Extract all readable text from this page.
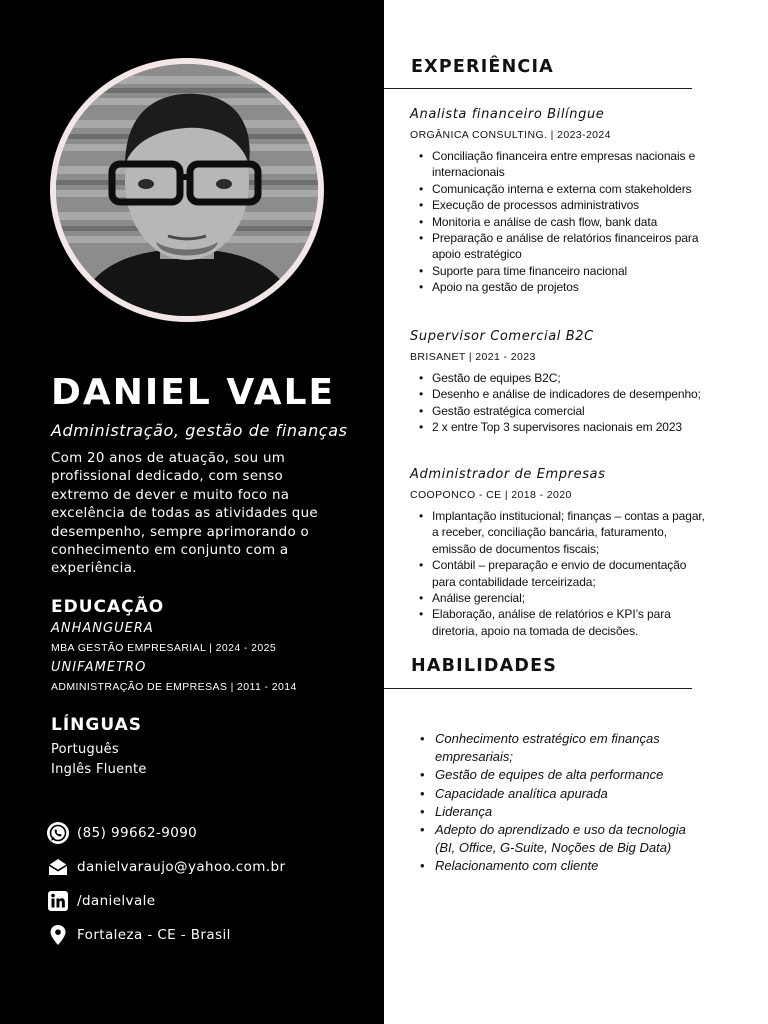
DANIEL VALE
Administração, gestão de finanças
Com 20 anos de atuação, sou um profissional dedicado, com senso extremo de dever e muito foco na excelência de todas as atividades que desempenho, sempre aprimorando o conhecimento em conjunto com a experiência.
EDUCAÇÃO
ANHANGUERA
MBA GESTÃO EMPRESARIAL | 2024 - 2025
UNIFAMETRO
ADMINISTRAÇÃO DE EMPRESAS | 2011 - 2014
LÍNGUAS
Português
Inglês Fluente
(85) 99662-9090
danielvaraujo@yahoo.com.br
/danielvale
Fortaleza - CE - Brasil
EXPERIÊNCIA
Analista financeiro Bilíngue
ORGÂNICA CONSULTING. | 2023-2024
• Conciliação financeira entre empresas nacionais e internacionais
• Comunicação interna e externa com stakeholders
• Execução de processos administrativos
• Monitoria e análise de cash flow, bank data
• Preparação e análise de relatórios financeiros para apoio estratégico
• Suporte para time financeiro nacional
• Apoio na gestão de projetos
Supervisor Comercial B2C
BRISANET | 2021 - 2023
• Gestão de equipes B2C;
• Desenho e análise de indicadores de desempenho;
• Gestão estratégica comercial
• 2 x entre Top 3 supervisores nacionais em 2023
Administrador de Empresas
COOPONCO - CE | 2018 - 2020
• Implantação institucional; finanças – contas a pagar, a receber, conciliação bancária, faturamento, emissão de documentos fiscais;
• Contábil – preparação e envio de documentação para contabilidade terceirizada;
• Análise gerencial;
• Elaboração, análise de relatórios e KPI’s para diretoria, apoio na tomada de decisões.
HABILIDADES
• Conhecimento estratégico em finanças empresariais;
• Gestão de equipes de alta performance
• Capacidade analítica apurada
• Liderança
• Adepto do aprendizado e uso da tecnologia (BI, Office, G-Suite, Noções de Big Data)
• Relacionamento com cliente
